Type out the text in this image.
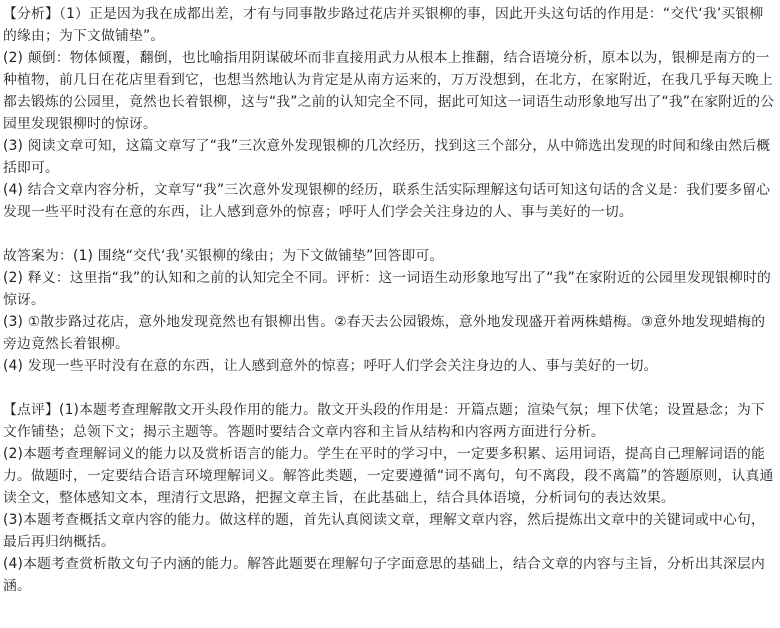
【分析】（1）正是因为我在成都出差，才有与同事散步路过花店并买银柳的事，因此开头这句话的作用是：“交代‘我’买银柳的缘由；为下文做铺垫”。

(2) 颠倒：物体倾覆，翻倒，也比喻指用阴谋破坏而非直接用武力从根本上推翻，结合语境分析，原本以为，银柳是南方的一种植物，前几日在花店里看到它，也想当然地认为肯定是从南方运来的，万万没想到，在北方，在家附近，在我几乎每天晚上都去锻炼的公园里，竟然也长着银柳，这与“我”之前的认知完全不同，据此可知这一词语生动形象地写出了“我”在家附近的公园里发现银柳时的惊讶。

(3) 阅读文章可知，这篇文章写了“我”三次意外发现银柳的几次经历，找到这三个部分，从中筛选出发现的时间和缘由然后概括即可。

(4) 结合文章内容分析，文章写“我”三次意外发现银柳的经历，联系生活实际理解这句话可知这句话的含义是：我们要多留心发现一些平时没有在意的东西，让人感到意外的惊喜；呼吁人们学会关注身边的人、事与美好的一切。

故答案为：(1) 围绕“交代‘我’买银柳的缘由；为下文做铺垫”回答即可。

(2) 释义：这里指“我”的认知和之前的认知完全不同。评析：这一词语生动形象地写出了“我”在家附近的公园里发现银柳时的惊讶。

(3) ①散步路过花店，意外地发现竟然也有银柳出售。②春天去公园锻炼，意外地发现盛开着两株蜡梅。③意外地发现蜡梅的旁边竟然长着银柳。

(4) 发现一些平时没有在意的东西，让人感到意外的惊喜；呼吁人们学会关注身边的人、事与美好的一切。

【点评】(1)本题考查理解散文开头段作用的能力。散文开头段的作用是：开篇点题；渲染气氛；埋下伏笔；设置悬念；为下文作铺垫；总领下文；揭示主题等。答题时要结合文章内容和主旨从结构和内容两方面进行分析。

(2)本题考查理解词义的能力以及赏析语言的能力。学生在平时的学习中，一定要多积累、运用词语，提高自己理解词语的能力。做题时，一定要结合语言环境理解词义。解答此类题，一定要遵循“词不离句，句不离段，段不离篇”的答题原则，认真通读全文，整体感知文本，理清行文思路，把握文章主旨，在此基础上，结合具体语境，分析词句的表达效果。

(3)本题考查概括文章内容的能力。做这样的题，首先认真阅读文章，理解文章内容，然后提炼出文章中的关键词或中心句，最后再归纳概括。

(4)本题考查赏析散文句子内涵的能力。解答此题要在理解句子字面意思的基础上，结合文章的内容与主旨，分析出其深层内涵。
